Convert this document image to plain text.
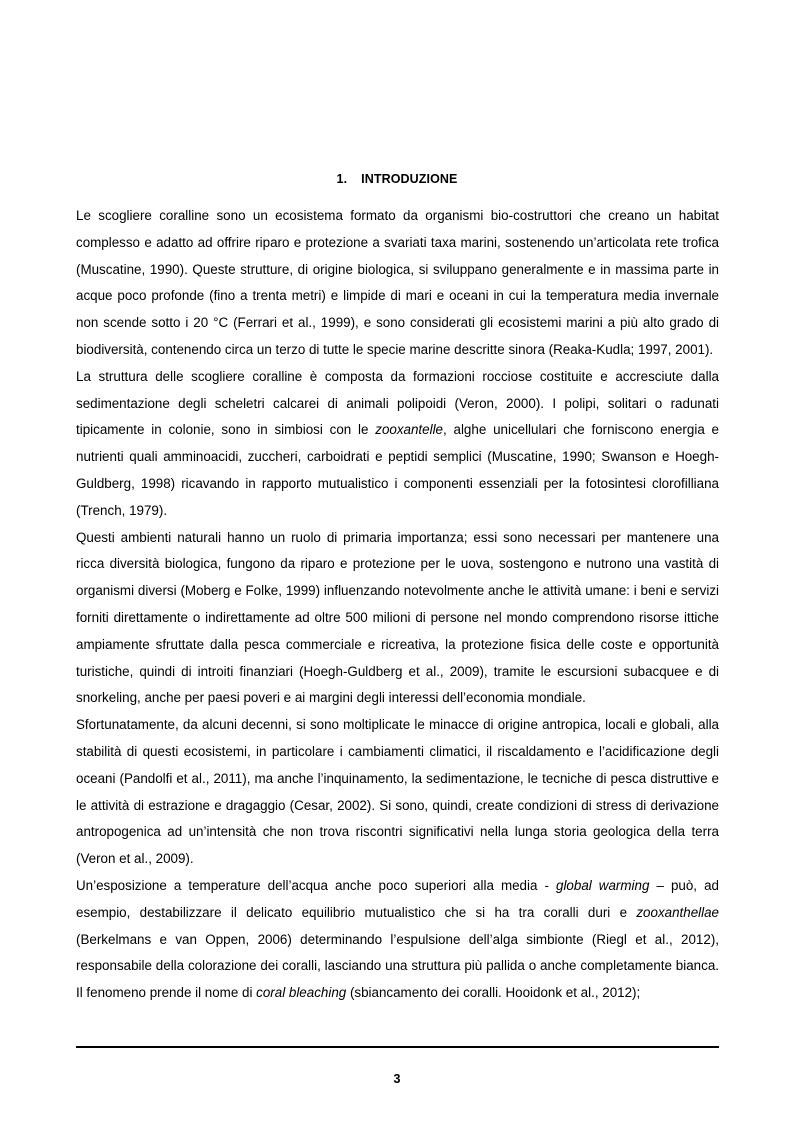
1. INTRODUZIONE

Le scogliere coralline sono un ecosistema formato da organismi bio-costruttori che creano un habitat complesso e adatto ad offrire riparo e protezione a svariati taxa marini, sostenendo un’articolata rete trofica (Muscatine, 1990). Queste strutture, di origine biologica, si sviluppano generalmente e in massima parte in acque poco profonde (fino a trenta metri) e limpide di mari e oceani in cui la temperatura media invernale non scende sotto i 20 °C (Ferrari et al., 1999), e sono considerati gli ecosistemi marini a più alto grado di biodiversità, contenendo circa un terzo di tutte le specie marine descritte sinora (Reaka-Kudla; 1997, 2001).

La struttura delle scogliere coralline è composta da formazioni rocciose costituite e accresciute dalla sedimentazione degli scheletri calcarei di animali polipoidi (Veron, 2000). I polipi, solitari o radunati tipicamente in colonie, sono in simbiosi con le zooxantelle, alghe unicellulari che forniscono energia e nutrienti quali amminoacidi, zuccheri, carboidrati e peptidi semplici (Muscatine, 1990; Swanson e Hoegh-Guldberg, 1998) ricavando in rapporto mutualistico i componenti essenziali per la fotosintesi clorofilliana (Trench, 1979).

Questi ambienti naturali hanno un ruolo di primaria importanza; essi sono necessari per mantenere una ricca diversità biologica, fungono da riparo e protezione per le uova, sostengono e nutrono una vastità di organismi diversi (Moberg e Folke, 1999) influenzando notevolmente anche le attività umane: i beni e servizi forniti direttamente o indirettamente ad oltre 500 milioni di persone nel mondo comprendono risorse ittiche ampiamente sfruttate dalla pesca commerciale e ricreativa, la protezione fisica delle coste e opportunità turistiche, quindi di introiti finanziari (Hoegh-Guldberg et al., 2009), tramite le escursioni subacquee e di snorkeling, anche per paesi poveri e ai margini degli interessi dell’economia mondiale.

Sfortunatamente, da alcuni decenni, si sono moltiplicate le minacce di origine antropica, locali e globali, alla stabilità di questi ecosistemi, in particolare i cambiamenti climatici, il riscaldamento e l’acidificazione degli oceani (Pandolfi et al., 2011), ma anche l’inquinamento, la sedimentazione, le tecniche di pesca distruttive e le attività di estrazione e dragaggio (Cesar, 2002). Si sono, quindi, create condizioni di stress di derivazione antropogenica ad un’intensità che non trova riscontri significativi nella lunga storia geologica della terra (Veron et al., 2009).

Un’esposizione a temperature dell’acqua anche poco superiori alla media - global warming – può, ad esempio, destabilizzare il delicato equilibrio mutualistico che si ha tra coralli duri e zooxanthellae (Berkelmans e van Oppen, 2006) determinando l’espulsione dell’alga simbionte (Riegl et al., 2012), responsabile della colorazione dei coralli, lasciando una struttura più pallida o anche completamente bianca. Il fenomeno prende il nome di coral bleaching (sbiancamento dei coralli. Hooidonk et al., 2012);

3
